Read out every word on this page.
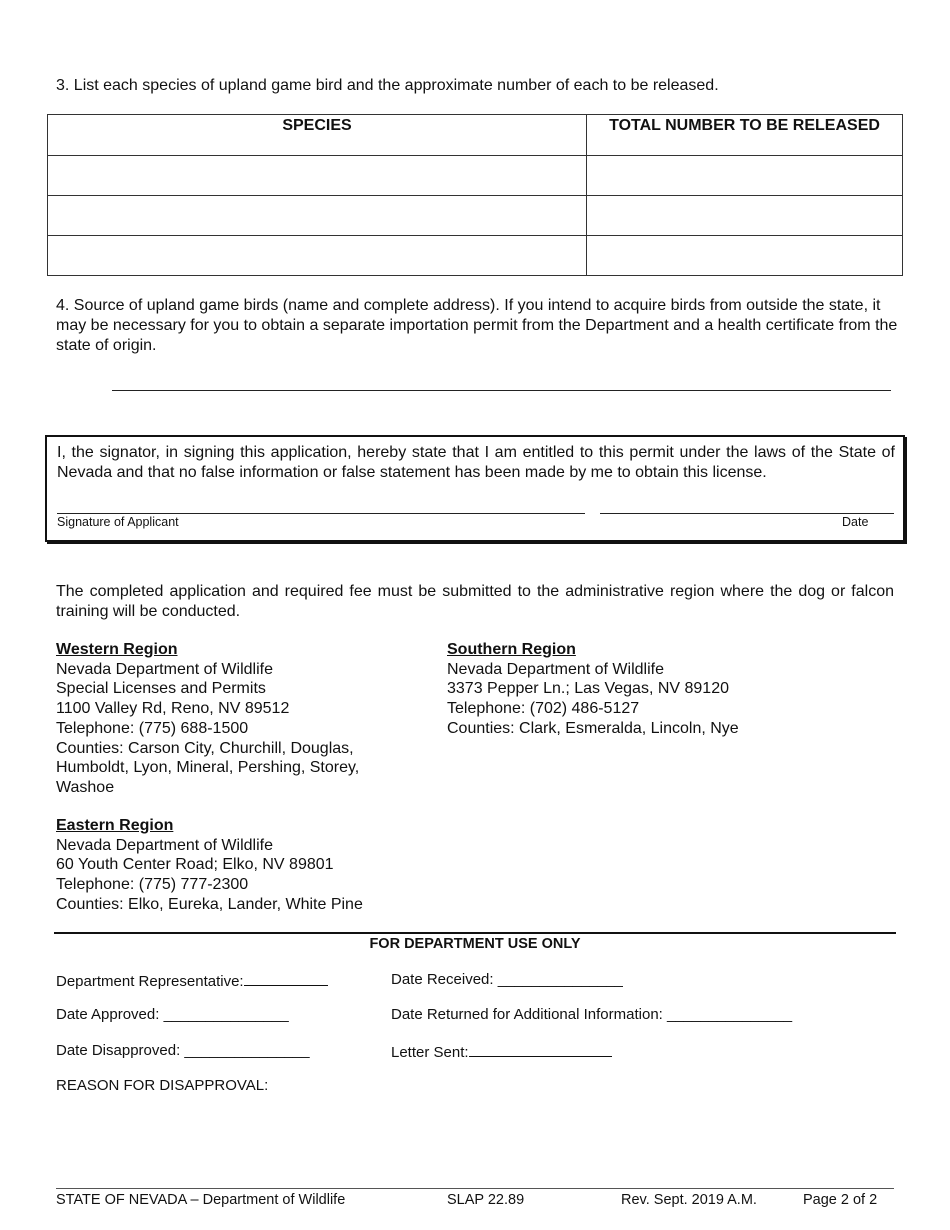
3. List each species of upland game bird and the approximate number of each to be released.
SPECIES	TOTAL NUMBER TO BE RELEASED

4. Source of upland game birds (name and complete address). If you intend to acquire birds from outside the state, it may be necessary for you to obtain a separate importation permit from the Department and a health certificate from the state of origin.
I, the signator, in signing this application, hereby state that I am entitled to this permit under the laws of the State of Nevada and that no false information or false statement has been made by me to obtain this license.
Signature of Applicant	Date
The completed application and required fee must be submitted to the administrative region where the dog or falcon training will be conducted.
Western Region
Nevada Department of Wildlife
Special Licenses and Permits
1100 Valley Rd, Reno, NV 89512
Telephone: (775) 688-1500
Counties: Carson City, Churchill, Douglas,
Humboldt, Lyon, Mineral, Pershing, Storey,
Washoe
Southern Region
Nevada Department of Wildlife
3373 Pepper Ln.; Las Vegas, NV 89120
Telephone: (702) 486-5127
Counties: Clark, Esmeralda, Lincoln, Nye
Eastern Region
Nevada Department of Wildlife
60 Youth Center Road; Elko, NV 89801
Telephone: (775) 777-2300
Counties: Elko, Eureka, Lander, White Pine
FOR DEPARTMENT USE ONLY
Department Representative:	Date Received: _______________
Date Approved: _______________	Date Returned for Additional Information: _______________
Date Disapproved: _______________	Letter Sent:
REASON FOR DISAPPROVAL:
STATE OF NEVADA – Department of Wildlife	SLAP 22.89	Rev. Sept. 2019 A.M.	Page 2 of 2
